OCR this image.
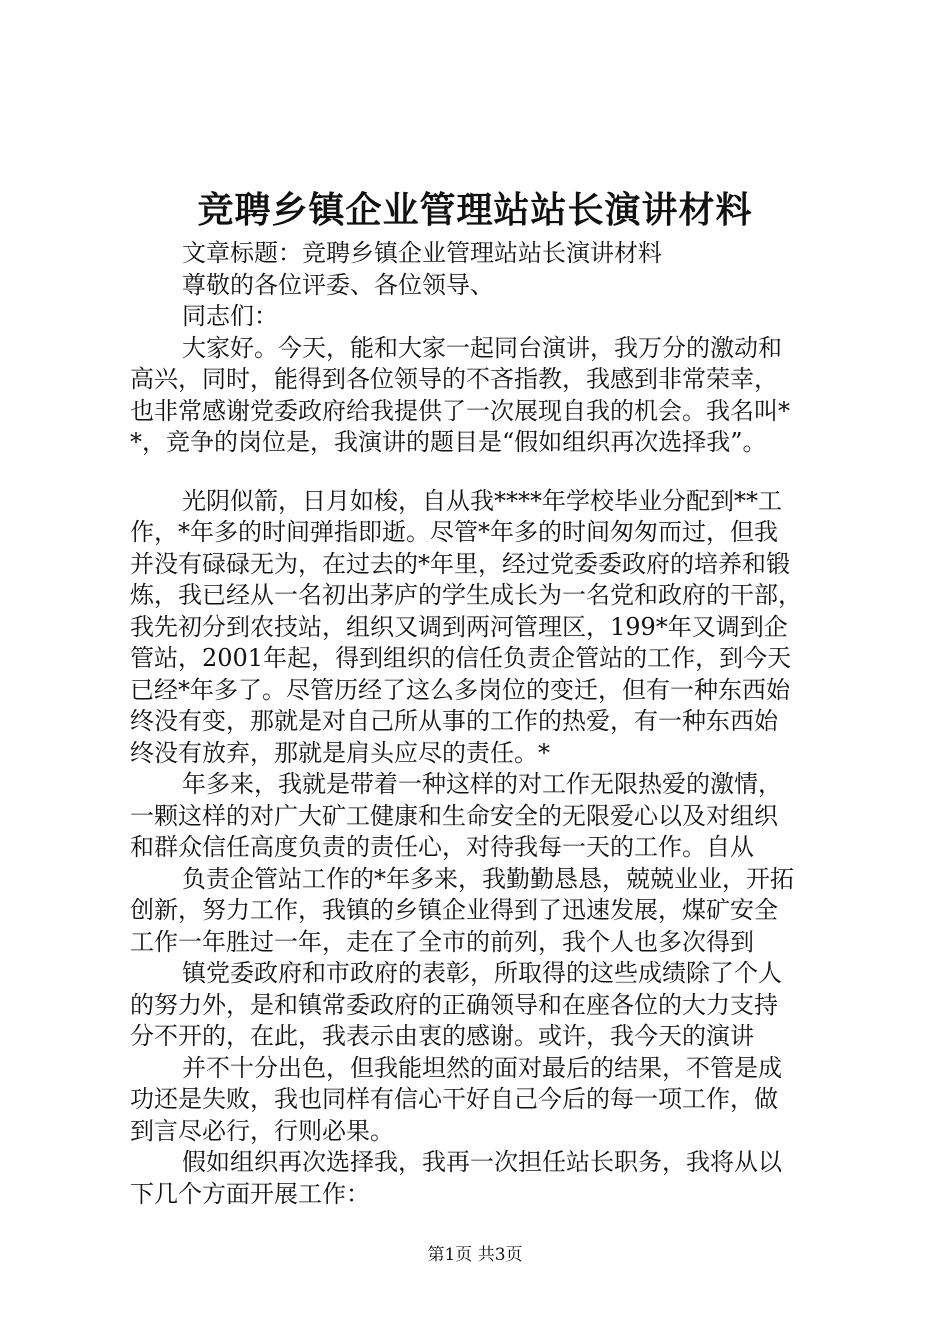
竞聘乡镇企业管理站站长演讲材料

文章标题：竞聘乡镇企业管理站站长演讲材料

尊敬的各位评委、各位领导、

同志们：

大家好。今天，能和大家一起同台演讲，我万分的激动和

高兴，同时，能得到各位领导的不吝指教，我感到非常荣幸，

也非常感谢党委政府给我提供了一次展现自我的机会。我名叫*

*，竞争的岗位是，我演讲的题目是“假如组织再次选择我”。

光阴似箭，日月如梭，自从我****年学校毕业分配到**工

作，*年多的时间弹指即逝。尽管*年多的时间匆匆而过，但我

并没有碌碌无为，在过去的*年里，经过党委委政府的培养和锻

炼，我已经从一名初出茅庐的学生成长为一名党和政府的干部，

我先初分到农技站，组织又调到两河管理区，199*年又调到企

管站，2001年起，得到组织的信任负责企管站的工作，到今天

已经*年多了。尽管历经了这么多岗位的变迁，但有一种东西始

终没有变，那就是对自己所从事的工作的热爱，有一种东西始

终没有放弃，那就是肩头应尽的责任。*

年多来，我就是带着一种这样的对工作无限热爱的激情，

一颗这样的对广大矿工健康和生命安全的无限爱心以及对组织

和群众信任高度负责的责任心，对待我每一天的工作。自从

负责企管站工作的*年多来，我勤勤恳恳，兢兢业业，开拓

创新，努力工作，我镇的乡镇企业得到了迅速发展，煤矿安全

工作一年胜过一年，走在了全市的前列，我个人也多次得到

镇党委政府和市政府的表彰，所取得的这些成绩除了个人

的努力外，是和镇常委政府的正确领导和在座各位的大力支持

分不开的，在此，我表示由衷的感谢。或许，我今天的演讲

并不十分出色，但我能坦然的面对最后的结果，不管是成

功还是失败，我也同样有信心干好自己今后的每一项工作，做

到言尽必行，行则必果。

假如组织再次选择我，我再一次担任站长职务，我将从以

下几个方面开展工作：

第1页 共3页
